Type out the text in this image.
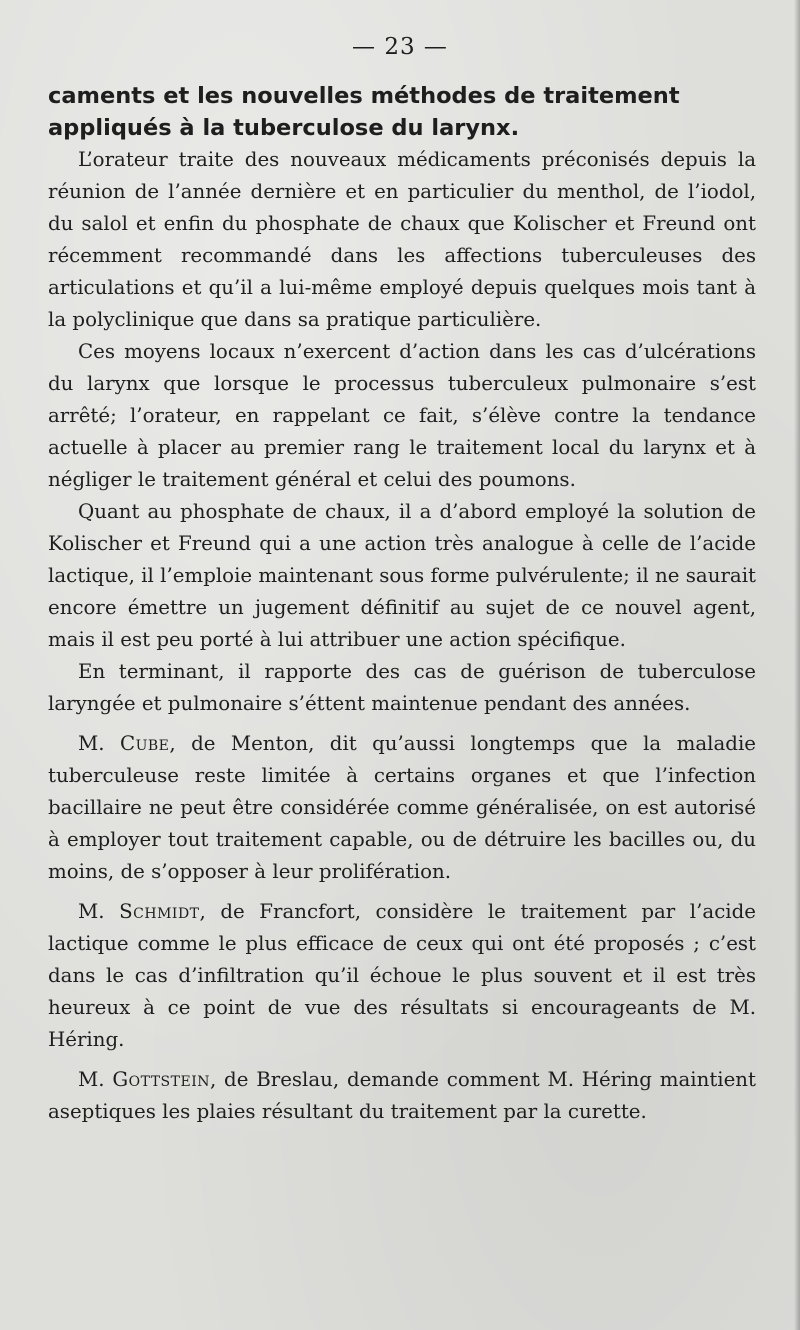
— 23 —
caments et les nouvelles méthodes de traitement
appliqués à la tuberculose du larynx.

L’orateur traite des nouveaux médicaments préconisés depuis la réunion de l’année dernière et en particulier du menthol, de l’iodol, du salol et enfin du phosphate de chaux que Kolischer et Freund ont récemment recommandé dans les affections tuberculeuses des articulations et qu’il a lui-même employé depuis quelques mois tant à la polyclinique que dans sa pratique particulière.

Ces moyens locaux n’exercent d’action dans les cas d’ulcérations du larynx que lorsque le processus tuberculeux pulmonaire s’est arrêté; l’orateur, en rappelant ce fait, s’élève contre la tendance actuelle à placer au premier rang le traitement local du larynx et à négliger le traitement général et celui des poumons.

Quant au phosphate de chaux, il a d’abord employé la solution de Kolischer et Freund qui a une action très analogue à celle de l’acide lactique, il l’emploie maintenant sous forme pulvérulente; il ne saurait encore émettre un jugement définitif au sujet de ce nouvel agent, mais il est peu porté à lui attribuer une action spécifique.

En terminant, il rapporte des cas de guérison de tuberculose laryngée et pulmonaire s’éttent maintenue pendant des années.

M. Cube, de Menton, dit qu’aussi longtemps que la maladie tuberculeuse reste limitée à certains organes et que l’infection bacillaire ne peut être considérée comme généralisée, on est autorisé à employer tout traitement capable, ou de détruire les bacilles ou, du moins, de s’opposer à leur prolifération.

M. Schmidt, de Francfort, considère le traitement par l’acide lactique comme le plus efficace de ceux qui ont été proposés ; c’est dans le cas d’infiltration qu’il échoue le plus souvent et il est très heureux à ce point de vue des résultats si encourageants de M. Héring.

M. Gottstein, de Breslau, demande comment M. Héring maintient aseptiques les plaies résultant du traitement par la curette.
